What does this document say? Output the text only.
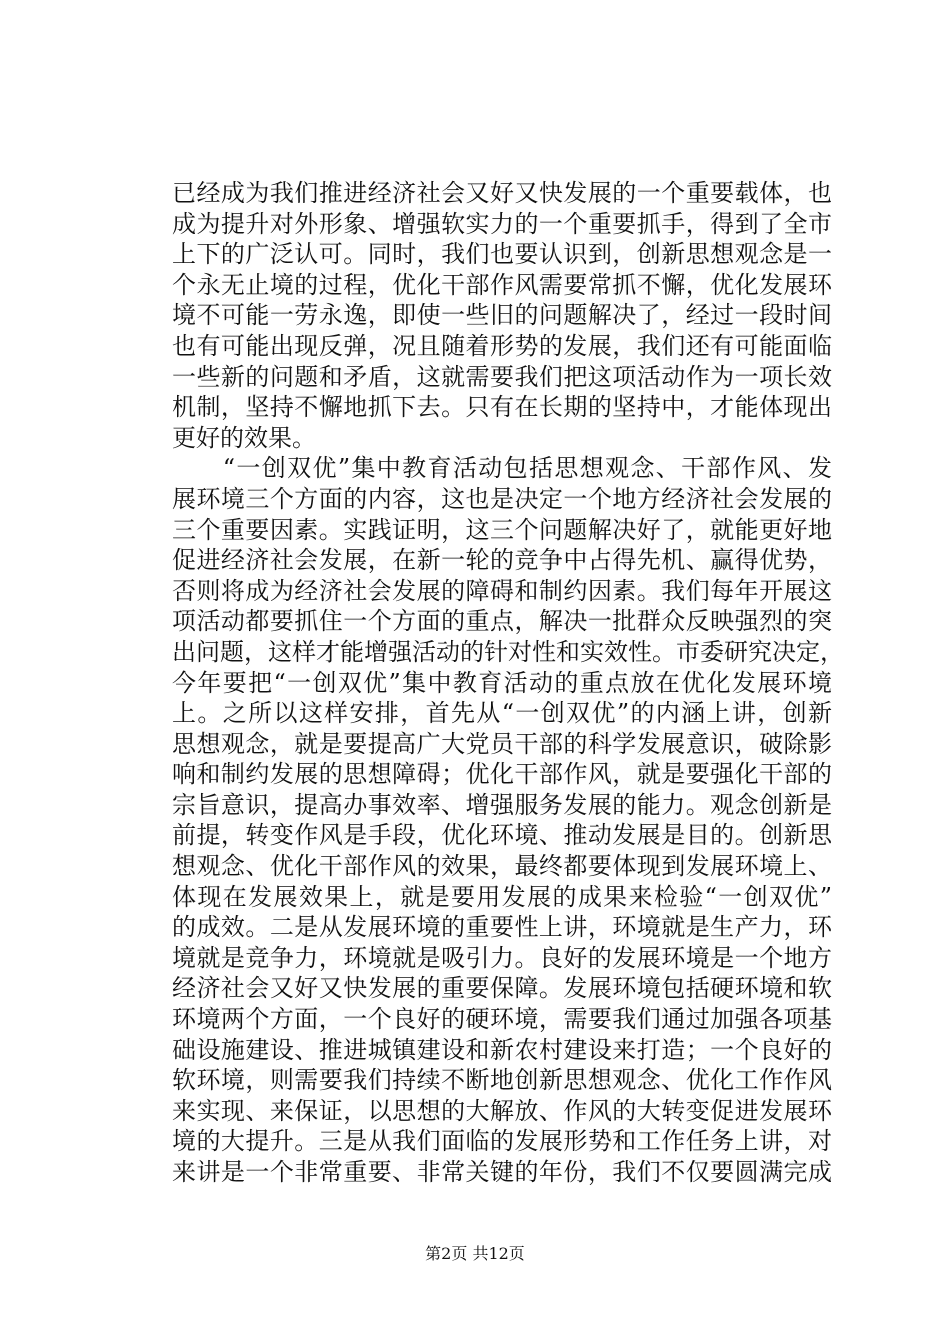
已经成为我们推进经济社会又好又快发展的一个重要载体，也
成为提升对外形象、增强软实力的一个重要抓手，得到了全市
上下的广泛认可。同时，我们也要认识到，创新思想观念是一
个永无止境的过程，优化干部作风需要常抓不懈，优化发展环
境不可能一劳永逸，即使一些旧的问题解决了，经过一段时间
也有可能出现反弹，况且随着形势的发展，我们还有可能面临
一些新的问题和矛盾，这就需要我们把这项活动作为一项长效
机制，坚持不懈地抓下去。只有在长期的坚持中，才能体现出
更好的效果。
　　“一创双优”集中教育活动包括思想观念、干部作风、发
展环境三个方面的内容，这也是决定一个地方经济社会发展的
三个重要因素。实践证明，这三个问题解决好了，就能更好地
促进经济社会发展，在新一轮的竞争中占得先机、赢得优势，
否则将成为经济社会发展的障碍和制约因素。我们每年开展这
项活动都要抓住一个方面的重点，解决一批群众反映强烈的突
出问题，这样才能增强活动的针对性和实效性。市委研究决定，
今年要把“一创双优”集中教育活动的重点放在优化发展环境
上。之所以这样安排，首先从“一创双优”的内涵上讲，创新
思想观念，就是要提高广大党员干部的科学发展意识，破除影
响和制约发展的思想障碍；优化干部作风，就是要强化干部的
宗旨意识，提高办事效率、增强服务发展的能力。观念创新是
前提，转变作风是手段，优化环境、推动发展是目的。创新思
想观念、优化干部作风的效果，最终都要体现到发展环境上、
体现在发展效果上，就是要用发展的成果来检验“一创双优”
的成效。二是从发展环境的重要性上讲，环境就是生产力，环
境就是竞争力，环境就是吸引力。良好的发展环境是一个地方
经济社会又好又快发展的重要保障。发展环境包括硬环境和软
环境两个方面，一个良好的硬环境，需要我们通过加强各项基
础设施建设、推进城镇建设和新农村建设来打造；一个良好的
软环境，则需要我们持续不断地创新思想观念、优化工作作风
来实现、来保证，以思想的大解放、作风的大转变促进发展环
境的大提升。三是从我们面临的发展形势和工作任务上讲，对
来讲是一个非常重要、非常关键的年份，我们不仅要圆满完成
第2页 共12页
